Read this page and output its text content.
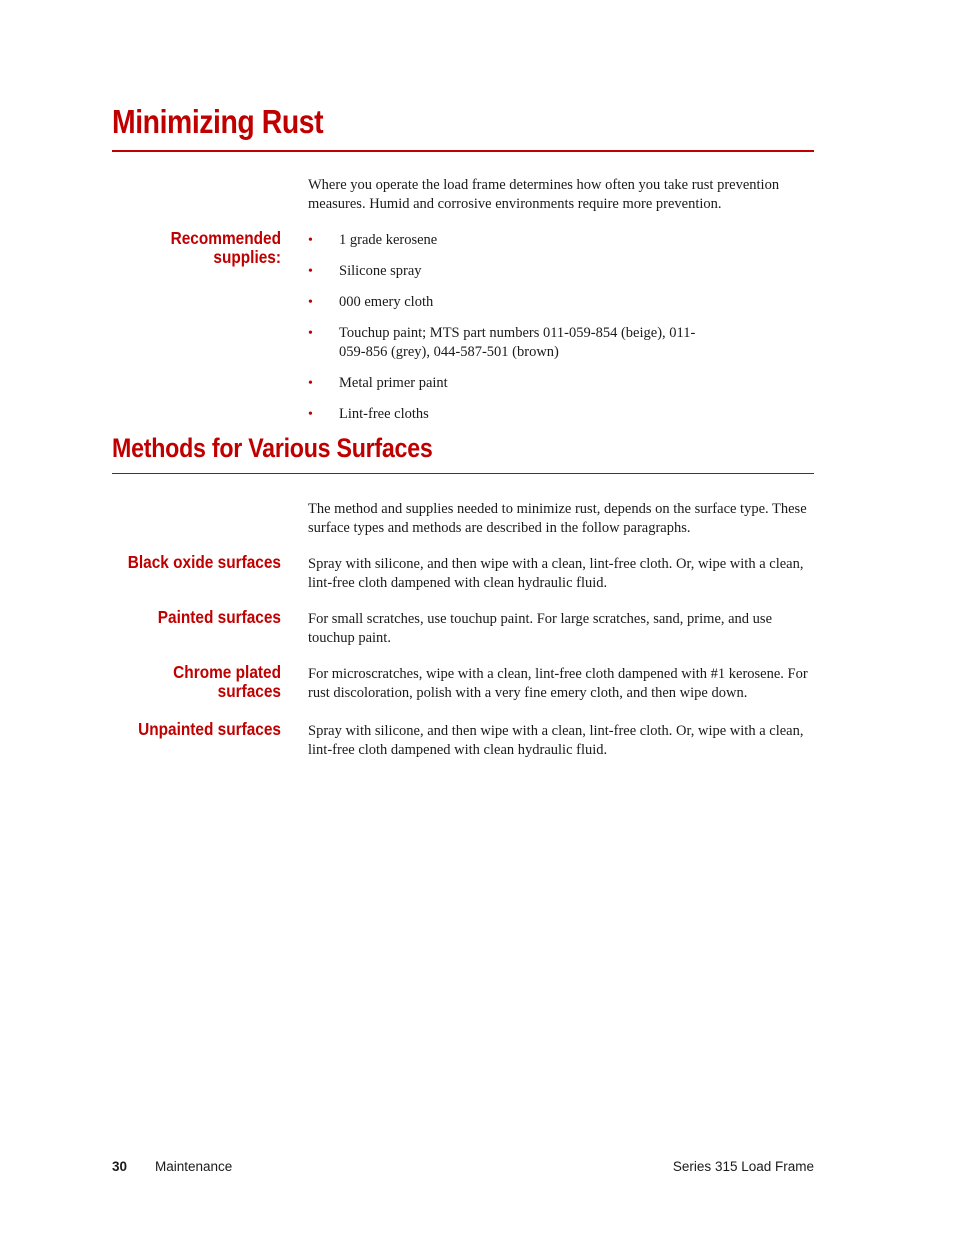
Minimizing Rust
Where you operate the load frame determines how often you take rust prevention measures. Humid and corrosive environments require more prevention.
Recommended supplies:
• 1 grade kerosene
• Silicone spray
• 000 emery cloth
• Touchup paint; MTS part numbers 011-059-854 (beige), 011-059-856 (grey), 044-587-501 (brown)
• Metal primer paint
• Lint-free cloths
Methods for Various Surfaces
The method and supplies needed to minimize rust, depends on the surface type. These surface types and methods are described in the follow paragraphs.
Black oxide surfaces Spray with silicone, and then wipe with a clean, lint-free cloth. Or, wipe with a clean, lint-free cloth dampened with clean hydraulic fluid.
Painted surfaces For small scratches, use touchup paint. For large scratches, sand, prime, and use touchup paint.
Chrome plated surfaces
For microscratches, wipe with a clean, lint-free cloth dampened with #1 kerosene. For rust discoloration, polish with a very fine emery cloth, and then wipe down.
Unpainted surfaces Spray with silicone, and then wipe with a clean, lint-free cloth. Or, wipe with a clean, lint-free cloth dampened with clean hydraulic fluid.
30 Maintenance	Series 315 Load Frame
